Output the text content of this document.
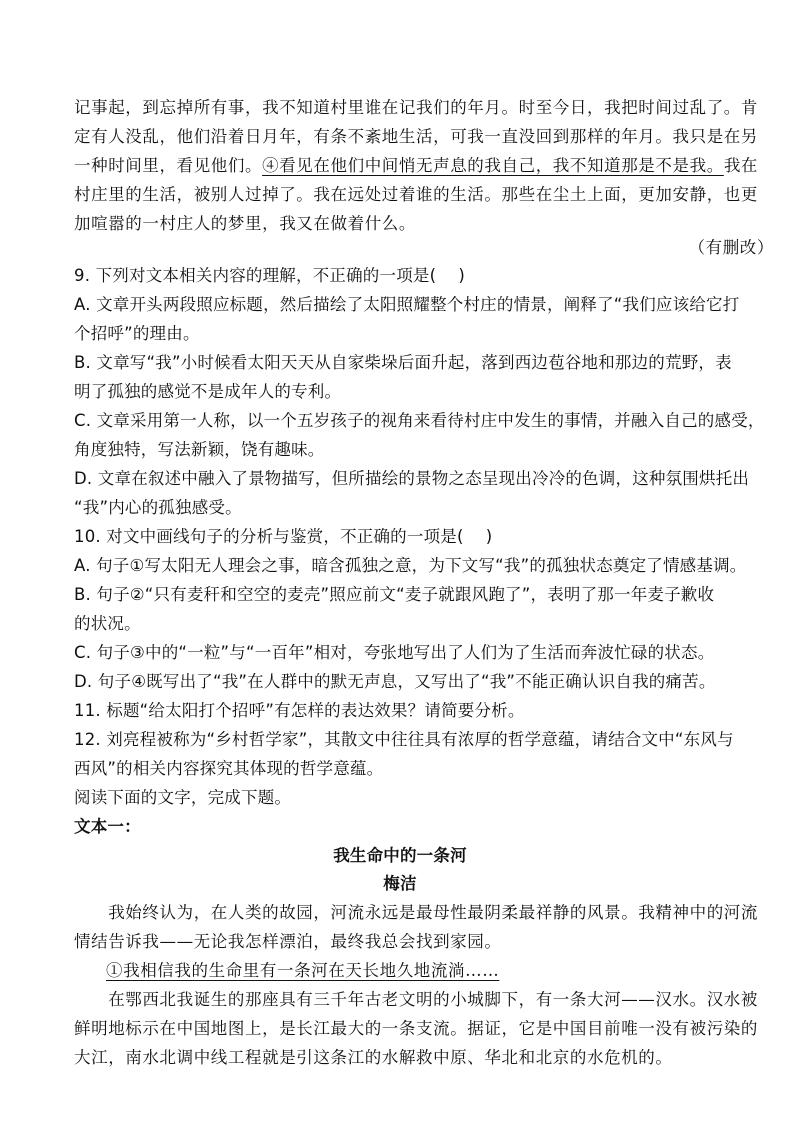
记事起，到忘掉所有事，我不知道村里谁在记我们的年月。时至今日，我把时间过乱了。肯
定有人没乱，他们沿着日月年，有条不紊地生活，可我一直没回到那样的年月。我只是在另
一种时间里，看见他们。④看见在他们中间悄无声息的我自己，我不知道那是不是我。我在
村庄里的生活，被别人过掉了。我在远处过着谁的生活。那些在尘土上面，更加安静，也更
加喧嚣的一村庄人的梦里，我又在做着什么。
（有删改）
9. 下列对文本相关内容的理解，不正确的一项是(　 )
A. 文章开头两段照应标题，然后描绘了太阳照耀整个村庄的情景，阐释了“我们应该给它打
个招呼”的理由。
B. 文章写“我”小时候看太阳天天从自家柴垛后面升起，落到西边苞谷地和那边的荒野，表
明了孤独的感觉不是成年人的专利。
C. 文章采用第一人称，以一个五岁孩子的视角来看待村庄中发生的事情，并融入自己的感受，
角度独特，写法新颖，饶有趣味。
D. 文章在叙述中融入了景物描写，但所描绘的景物之态呈现出冷冷的色调，这种氛围烘托出
“我”内心的孤独感受。
10. 对文中画线句子的分析与鉴赏，不正确的一项是(　 )
A. 句子①写太阳无人理会之事，暗含孤独之意，为下文写“我”的孤独状态奠定了情感基调。
B. 句子②“只有麦秆和空空的麦壳”照应前文“麦子就跟风跑了”，表明了那一年麦子歉收
的状况。
C. 句子③中的“一粒”与“一百年”相对，夸张地写出了人们为了生活而奔波忙碌的状态。
D. 句子④既写出了“我”在人群中的默无声息，又写出了“我”不能正确认识自我的痛苦。
11. 标题“给太阳打个招呼”有怎样的表达效果？请简要分析。
12. 刘亮程被称为“乡村哲学家”，其散文中往往具有浓厚的哲学意蕴，请结合文中“东风与
西风”的相关内容探究其体现的哲学意蕴。
阅读下面的文字，完成下题。
文本一：
我生命中的一条河
梅洁
　　我始终认为，在人类的故园，河流永远是最母性最阴柔最祥静的风景。我精神中的河流
情结告诉我——无论我怎样漂泊，最终我总会找到家园。
①我相信我的生命里有一条河在天长地久地流淌……
　　在鄂西北我诞生的那座具有三千年古老文明的小城脚下，有一条大河——汉水。汉水被
鲜明地标示在中国地图上，是长江最大的一条支流。据证，它是中国目前唯一没有被污染的
大江，南水北调中线工程就是引这条江的水解救中原、华北和北京的水危机的。
